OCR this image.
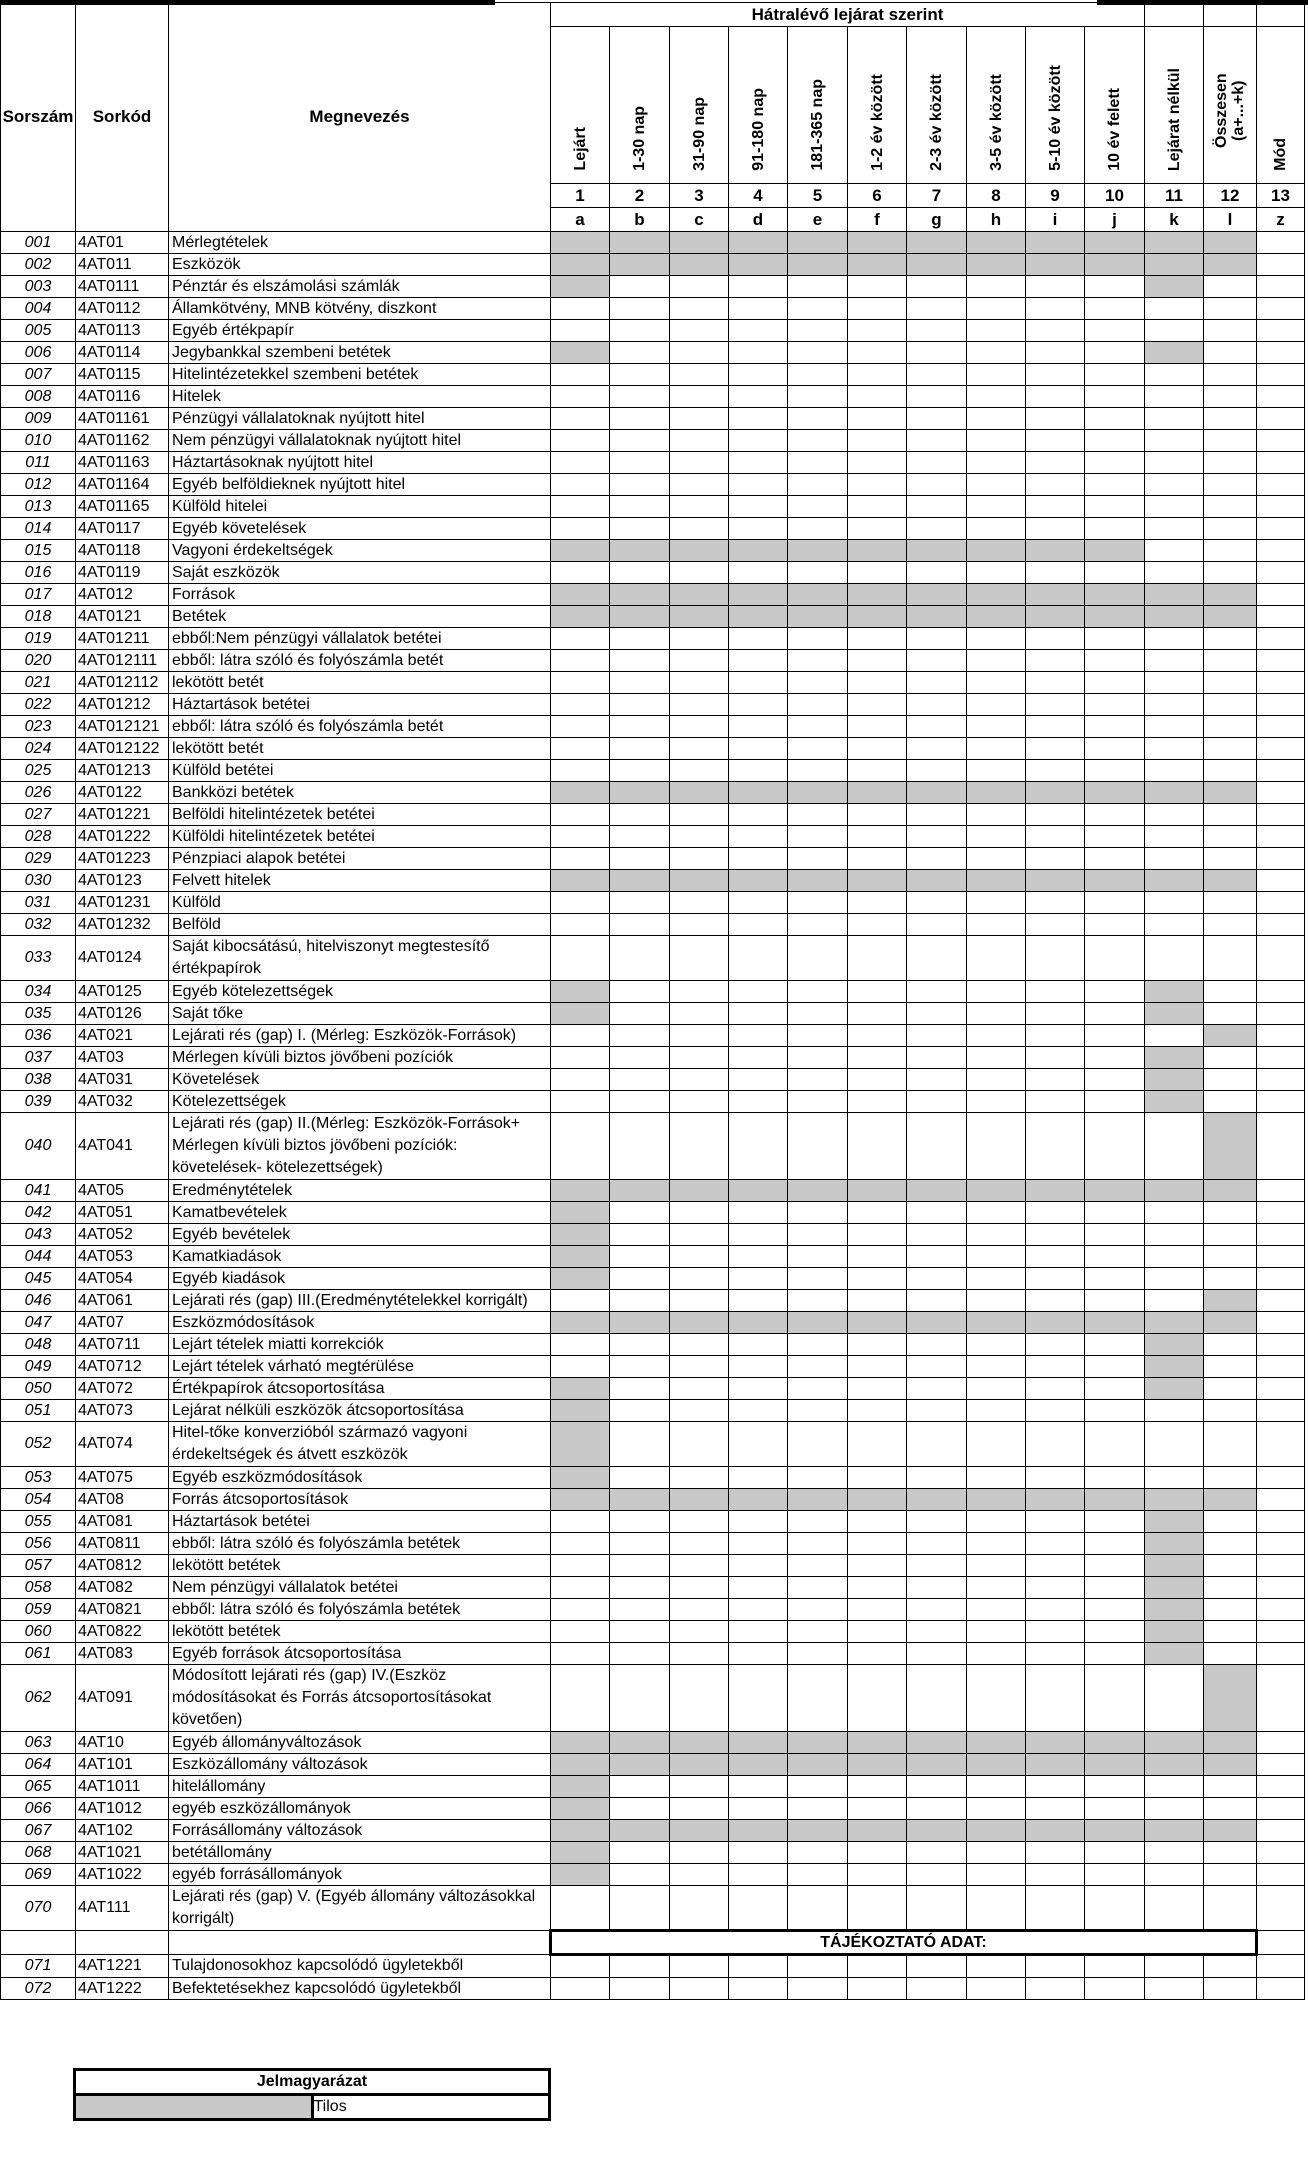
Sorszám	Sorkód	Megnevezés	Hátralévő lejárat szerint												
			Lejárt	1-30 nap	31-90 nap	91-180 nap	181-365 nap	1-2 év között	2-3 év között	3-5 év között	5-10 év között	10 év felett	Lejárat nélkül	Összesen (a+...+k)	Mód
			1	2	3	4	5	6	7	8	9	10	11	12	13
			a	b	c	d	e	f	g	h	i	j	k	l	z
001	4AT01	Mérlegtételek													
002	4AT011	Eszközök													
003	4AT0111	Pénztár és elszámolási számlák													
004	4AT0112	Államkötvény, MNB kötvény, diszkont													
005	4AT0113	Egyéb értékpapír													
006	4AT0114	Jegybankkal szembeni betétek													
007	4AT0115	Hitelintézetekkel szembeni betétek													
008	4AT0116	Hitelek													
009	4AT01161	Pénzügyi vállalatoknak nyújtott hitel													
010	4AT01162	Nem pénzügyi vállalatoknak nyújtott hitel													
011	4AT01163	Háztartásoknak nyújtott hitel													
012	4AT01164	Egyéb belföldieknek nyújtott hitel													
013	4AT01165	Külföld hitelei													
014	4AT0117	Egyéb követelések													
015	4AT0118	Vagyoni érdekeltségek													
016	4AT0119	Saját eszközök													
017	4AT012	Források													
018	4AT0121	Betétek													
019	4AT01211	ebből:Nem pénzügyi vállalatok betétei													
020	4AT012111	ebből: látra szóló és folyószámla betét													
021	4AT012112	lekötött betét													
022	4AT01212	Háztartások betétei													
023	4AT012121	ebből: látra szóló és folyószámla betét													
024	4AT012122	lekötött betét													
025	4AT01213	Külföld betétei													
026	4AT0122	Bankközi betétek													
027	4AT01221	Belföldi hitelintézetek betétei													
028	4AT01222	Külföldi hitelintézetek betétei													
029	4AT01223	Pénzpiaci alapok betétei													
030	4AT0123	Felvett hitelek													
031	4AT01231	Külföld													
032	4AT01232	Belföld													
033	4AT0124	Saját kibocsátású, hitelviszonyt megtestesítő értékpapírok													
034	4AT0125	Egyéb kötelezettségek													
035	4AT0126	Saját tőke													
036	4AT021	Lejárati rés (gap) I. (Mérleg: Eszközök-Források)													
037	4AT03	Mérlegen kívüli biztos jövőbeni pozíciók													
038	4AT031	Követelések													
039	4AT032	Kötelezettségek													
040	4AT041	Lejárati rés (gap) II.(Mérleg: Eszközök-Források+ Mérlegen kívüli biztos jövőbeni pozíciók: követelések- kötelezettségek)													
041	4AT05	Eredménytételek													
042	4AT051	Kamatbevételek													
043	4AT052	Egyéb bevételek													
044	4AT053	Kamatkiadások													
045	4AT054	Egyéb kiadások													
046	4AT061	Lejárati rés (gap) III.(Eredménytételekkel korrigált)													
047	4AT07	Eszközmódosítások													
048	4AT0711	Lejárt tételek miatti korrekciók													
049	4AT0712	Lejárt tételek várható megtérülése													
050	4AT072	Értékpapírok átcsoportosítása													
051	4AT073	Lejárat nélküli eszközök átcsoportosítása													
052	4AT074	Hitel-tőke konverzióból származó vagyoni érdekeltségek és átvett eszközök													
053	4AT075	Egyéb eszközmódosítások													
054	4AT08	Forrás átcsoportosítások													
055	4AT081	Háztartások betétei													
056	4AT0811	ebből: látra szóló és folyószámla betétek													
057	4AT0812	lekötött betétek													
058	4AT082	Nem pénzügyi vállalatok betétei													
059	4AT0821	ebből: látra szóló és folyószámla betétek													
060	4AT0822	lekötött betétek													
061	4AT083	Egyéb források átcsoportosítása													
062	4AT091	Módosított lejárati rés (gap) IV.(Eszköz módosításokat és Forrás átcsoportosításokat követően)													
063	4AT10	Egyéb állományváltozások													
064	4AT101	Eszközállomány változások													
065	4AT1011	hitelállomány													
066	4AT1012	egyéb eszközállományok													
067	4AT102	Forrásállomány változások													
068	4AT1021	betétállomány													
069	4AT1022	egyéb forrásállományok													
070	4AT111	Lejárati rés (gap) V. (Egyéb állomány változásokkal korrigált)													
			TÁJÉKOZTATÓ ADAT:												
071	4AT1221	Tulajdonosokhoz kapcsolódó ügyletekből													
072	4AT1222	Befektetésekhez kapcsolódó ügyletekből													
Jelmagyarázat
	Tilos
